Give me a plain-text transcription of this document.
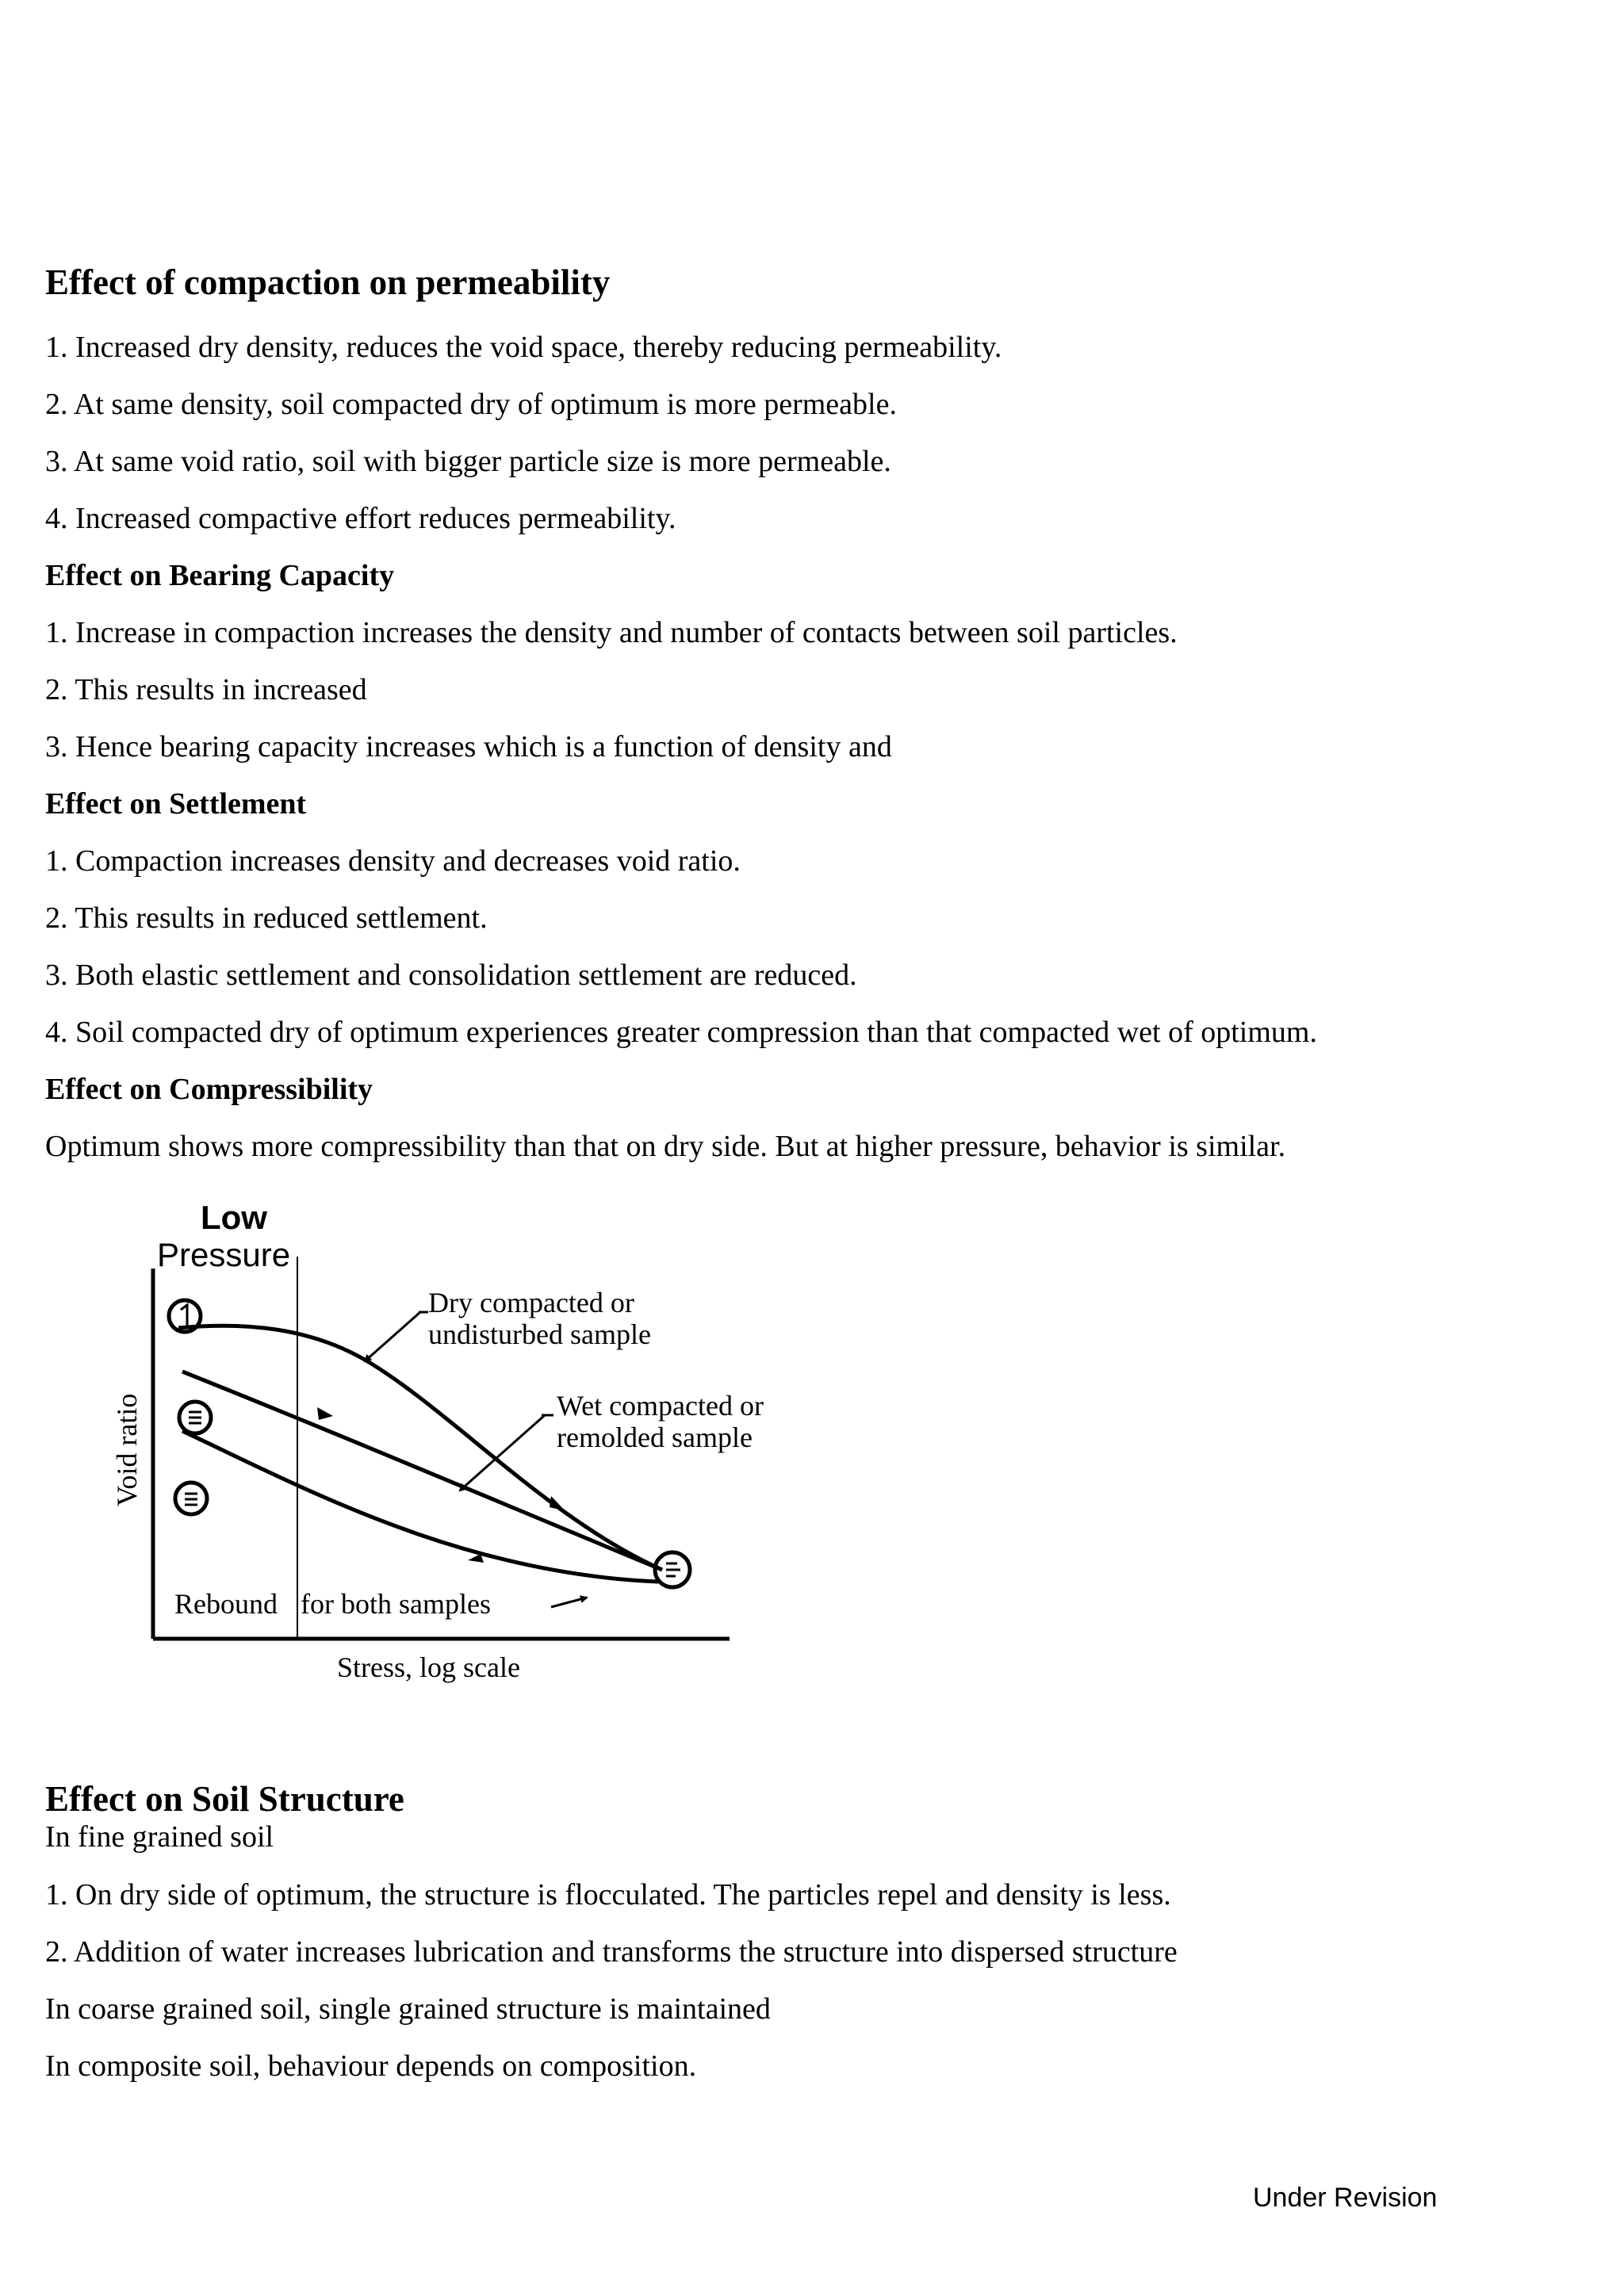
Effect of compaction on permeability
1. Increased dry density, reduces the void space, thereby reducing permeability.
2. At same density, soil compacted dry of optimum is more permeable.
3. At same void ratio, soil with bigger particle size is more permeable.
4. Increased compactive effort reduces permeability.
Effect on Bearing Capacity
1. Increase in compaction increases the density and number of contacts between soil particles.
2. This results in increased
3. Hence bearing capacity increases which is a function of density and
Effect on Settlement
1. Compaction increases density and decreases void ratio.
2. This results in reduced settlement.
3. Both elastic settlement and consolidation settlement are reduced.
4. Soil compacted dry of optimum experiences greater compression than that compacted wet of optimum.
Effect on Compressibility
Optimum shows more compressibility than that on dry side. But at higher pressure, behavior is similar.
Low
Pressure
Dry compacted or
undisturbed sample
Wet compacted or
remolded sample
Rebound for both samples
Stress, log scale
Void ratio
Effect on Soil Structure
In fine grained soil
1. On dry side of optimum, the structure is flocculated. The particles repel and density is less.
2. Addition of water increases lubrication and transforms the structure into dispersed structure
In coarse grained soil, single grained structure is maintained
In composite soil, behaviour depends on composition.
Under Revision
